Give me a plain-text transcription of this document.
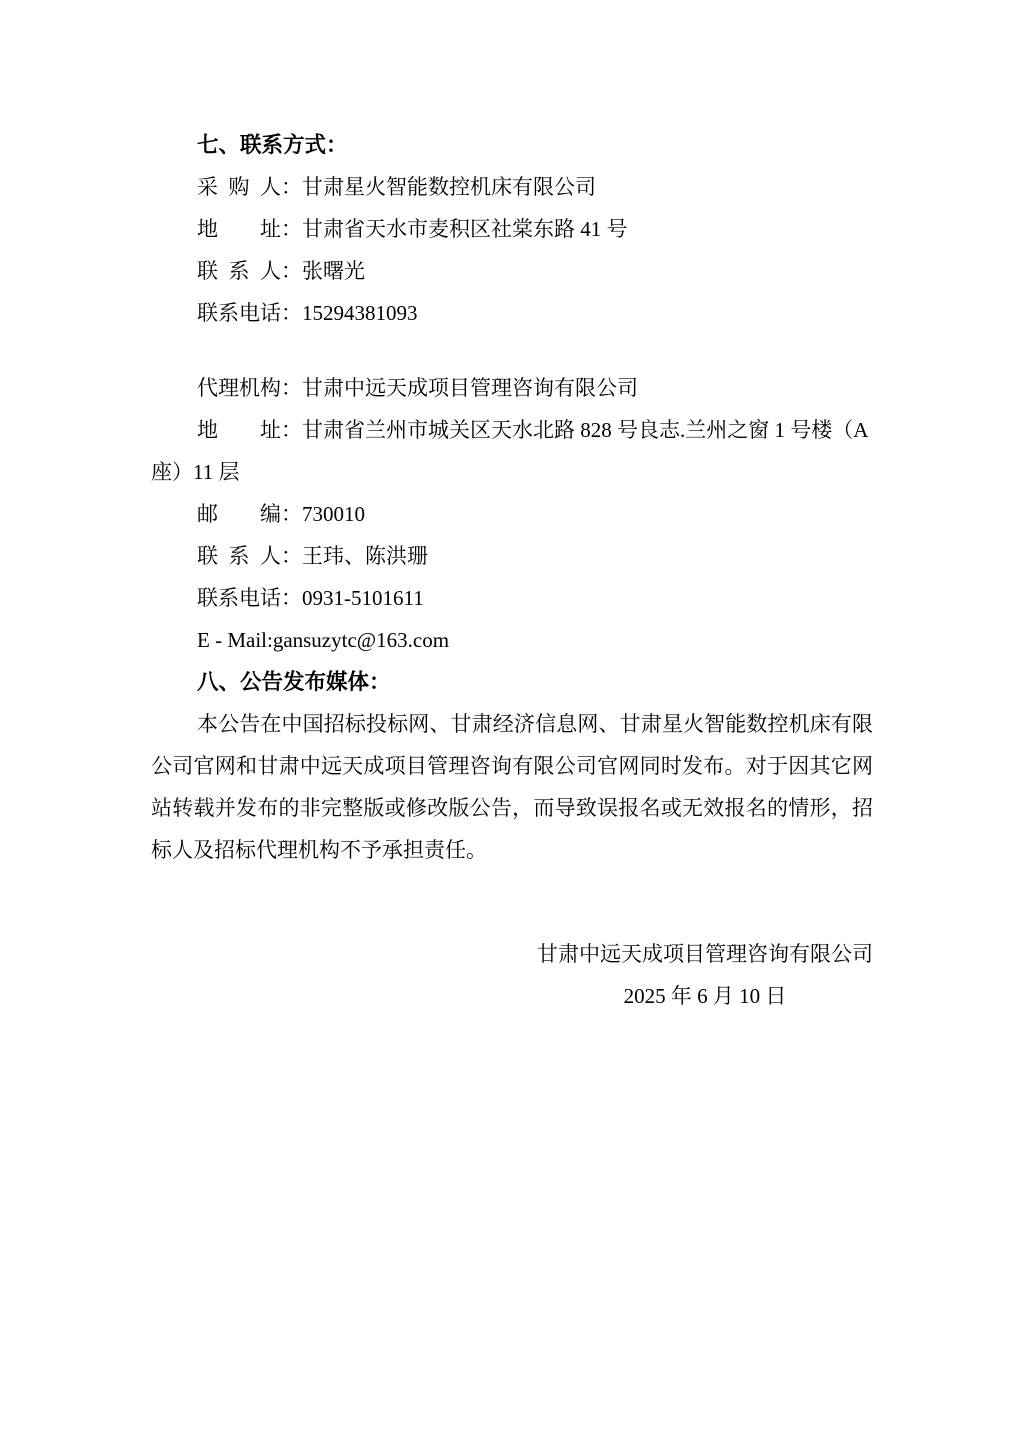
七、联系方式：

采购人：甘肃星火智能数控机床有限公司

地址：甘肃省天水市麦积区社棠东路 41 号

联系人：张曙光

联系电话：15294381093

代理机构：甘肃中远天成项目管理咨询有限公司

地址：甘肃省兰州市城关区天水北路 828 号良志.兰州之窗 1 号楼（A座）11 层

邮编：730010

联系人：王玮、陈洪珊

联系电话：0931-5101611

E - Mail:gansuzytc@163.com

八、公告发布媒体：

本公告在中国招标投标网、甘肃经济信息网、甘肃星火智能数控机床有限公司官网和甘肃中远天成项目管理咨询有限公司官网同时发布。对于因其它网站转载并发布的非完整版或修改版公告，而导致误报名或无效报名的情形，招标人及招标代理机构不予承担责任。

甘肃中远天成项目管理咨询有限公司

2025 年 6 月 10 日
